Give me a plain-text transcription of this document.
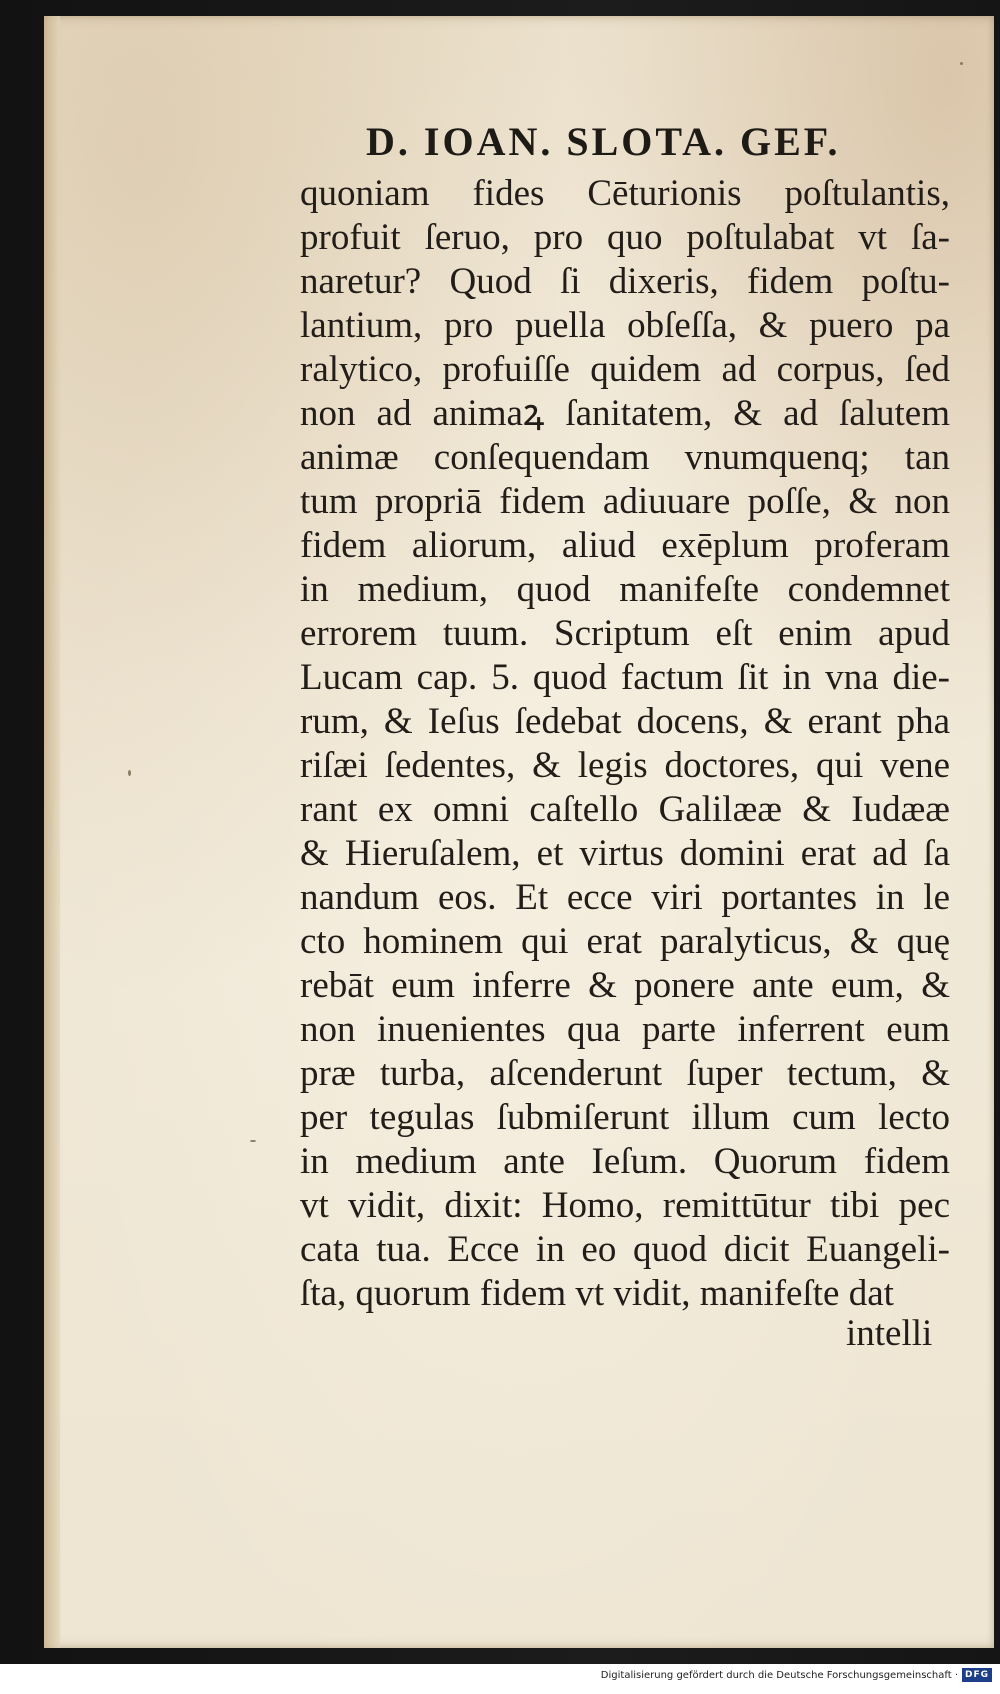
D. IOAN. SLOTA. GEF.
quoniam fides Cēturionis poſtulantis,
profuit ſeruo, pro quo poſtulabat vt ſa-
naretur? Quod ſi dixeris, fidem poſtu-
lantium, pro puella obſeſſa, & puero pa
ralytico, profuiſſe quidem ad corpus, ſed
non ad animaꝝ ſanitatem, & ad ſalutem
animæ conſequendam vnumquenq; tan
tum propriā fidem adiuuare poſſe, & non
fidem aliorum, aliud exēplum proferam
in medium, quod manifeſte condemnet
errorem tuum. Scriptum eſt enim apud
Lucam cap. 5. quod factum ſit in vna die-
rum, & Ieſus ſedebat docens, & erant pha
riſæi ſedentes, & legis doctores, qui vene
rant ex omni caſtello Galilææ & Iudææ
& Hieruſalem, et virtus domini erat ad ſa
nandum eos. Et ecce viri portantes in le
cto hominem qui erat paralyticus, & quę
rebāt eum inferre & ponere ante eum, &
non inuenientes qua parte inferrent eum
præ turba, aſcenderunt ſuper tectum, &
per tegulas ſubmiſerunt illum cum lecto
in medium ante Ieſum. Quorum fidem
vt vidit, dixit: Homo, remittūtur tibi pec
cata tua. Ecce in eo quod dicit Euangeli-
ſta, quorum fidem vt vidit, manifeſte dat
intelli
Digitalisierung gefördert durch die Deutsche Forschungsgemeinschaft · DFG
